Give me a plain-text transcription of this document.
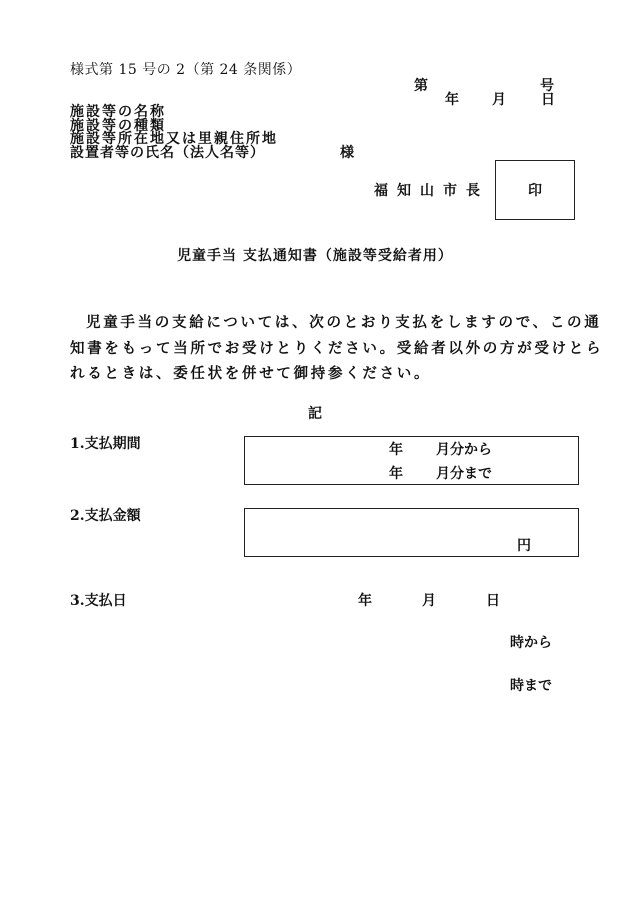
様式第 15 号の 2（第 24 条関係）
第	号
年 月	日
施設等の名称
施設等の種類
施設等所在地又は里親住所地
設置者等の氏名（法人名等）	様
福知山市長	印
児童手当 支払通知書（施設等受給者用）
児童手当の支給については、次のとおり支払をしますので、この通
知書をもって当所でお受けとりください。受給者以外の方が受けとら
れるときは、委任状を併せて御持参ください。
記
1.支払期間	年 月分から
年 月分まで
2.支払金額
円
3.支払日	年	月	日
時から
時まで
